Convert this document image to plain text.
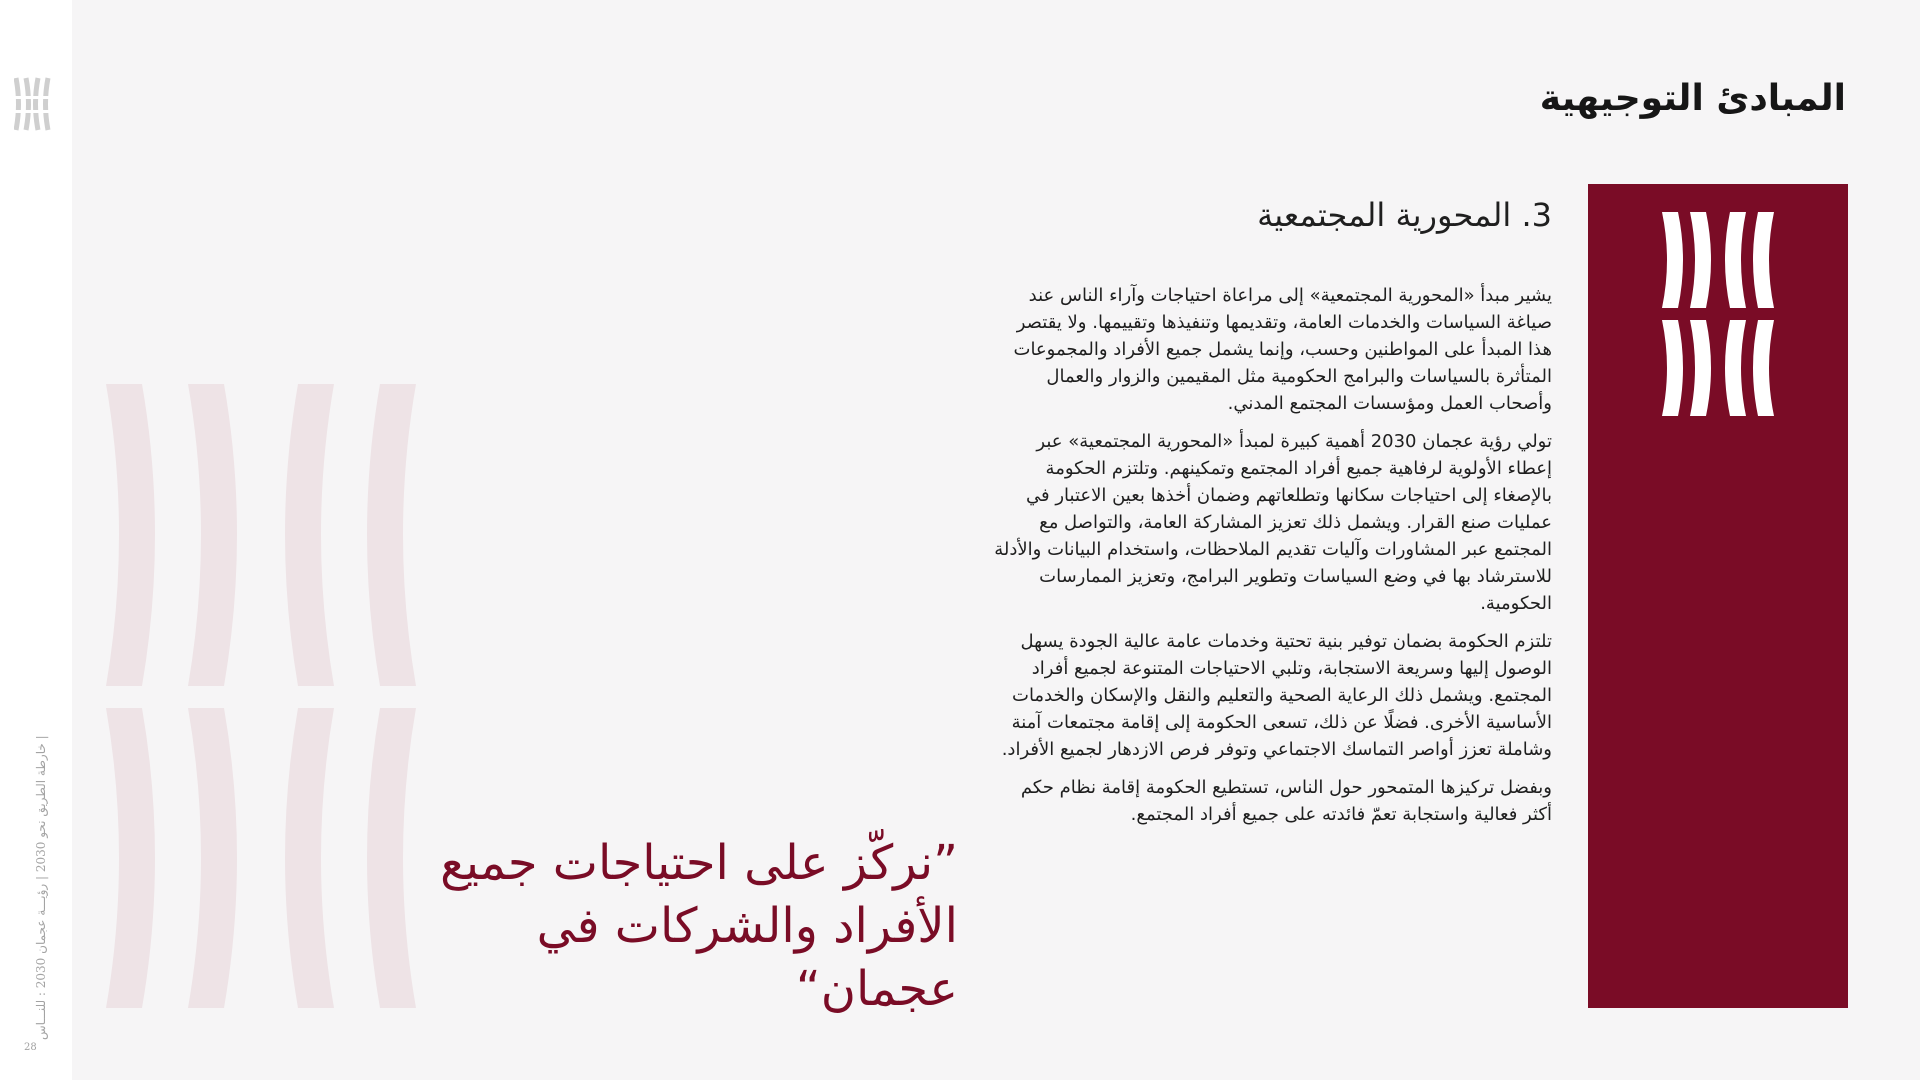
خارطة الطريق نحو 2030 | رؤيـــة عجمان 2030 : للنـــاس |
28
المبادئ التوجيهية
3. المحورية المجتمعية

يشير مبدأ «المحورية المجتمعية» إلى مراعاة احتياجات وآراء الناس عند صياغة السياسات والخدمات العامة، وتقديمها وتنفيذها وتقييمها. ولا يقتصر هذا المبدأ على المواطنين وحسب، وإنما يشمل جميع الأفراد والمجموعات المتأثرة بالسياسات والبرامج الحكومية مثل المقيمين والزوار والعمال وأصحاب العمل ومؤسسات المجتمع المدني.

تولي رؤية عجمان 2030 أهمية كبيرة لمبدأ «المحورية المجتمعية» عبر إعطاء الأولوية لرفاهية جميع أفراد المجتمع وتمكينهم. وتلتزم الحكومة بالإصغاء إلى احتياجات سكانها وتطلعاتهم وضمان أخذها بعين الاعتبار في عمليات صنع القرار. ويشمل ذلك تعزيز المشاركة العامة، والتواصل مع المجتمع عبر المشاورات وآليات تقديم الملاحظات، واستخدام البيانات والأدلة للاسترشاد بها في وضع السياسات وتطوير البرامج، وتعزيز الممارسات الحكومية.

تلتزم الحكومة بضمان توفير بنية تحتية وخدمات عامة عالية الجودة يسهل الوصول إليها وسريعة الاستجابة، وتلبي الاحتياجات المتنوعة لجميع أفراد المجتمع. ويشمل ذلك الرعاية الصحية والتعليم والنقل والإسكان والخدمات الأساسية الأخرى. فضلًا عن ذلك، تسعى الحكومة إلى إقامة مجتمعات آمنة وشاملة تعزز أواصر التماسك الاجتماعي وتوفر فرص الازدهار لجميع الأفراد.

وبفضل تركيزها المتمحور حول الناس، تستطيع الحكومة إقامة نظام حكم أكثر فعالية واستجابة تعمّ فائدته على جميع أفراد المجتمع.

”نركّز على احتياجات جميع الأفراد والشركات في عجمان“
